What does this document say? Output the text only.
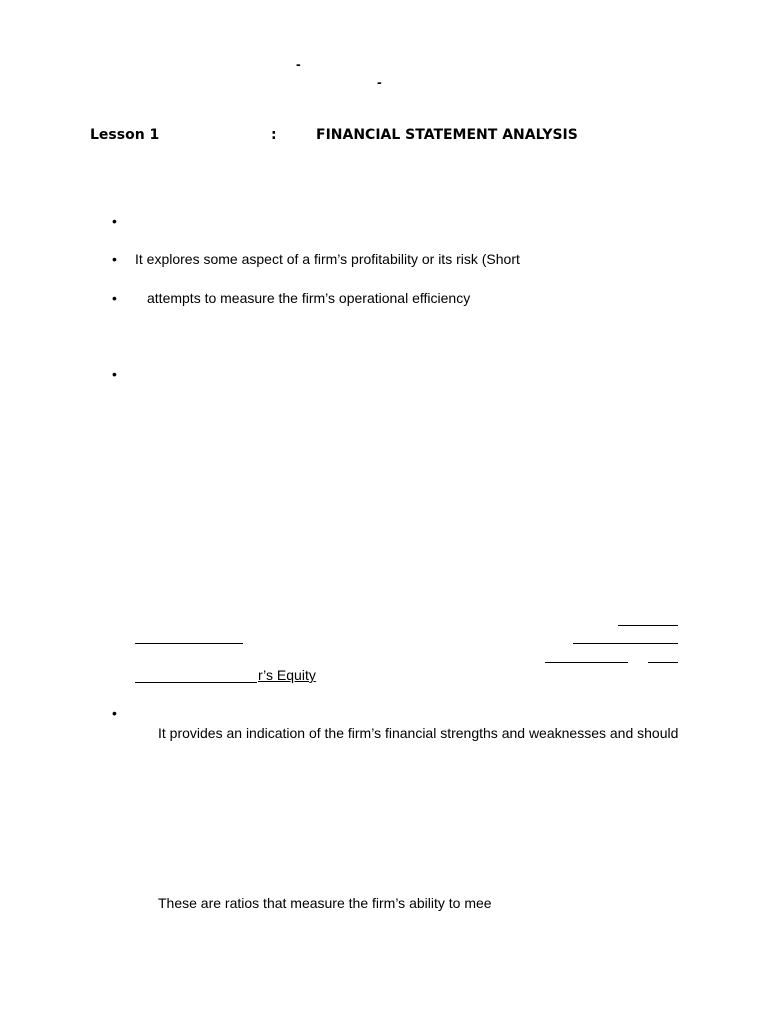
-
-
Lesson 1	:	FINANCIAL STATEMENT ANALYSIS
•
• It explores some aspect of a firm’s profitability or its risk (Short
• attempts to measure the firm’s operational efficiency
•
r’s Equity
•
It provides an indication of the firm’s financial strengths and weaknesses and should
These are ratios that measure the firm’s ability to mee
